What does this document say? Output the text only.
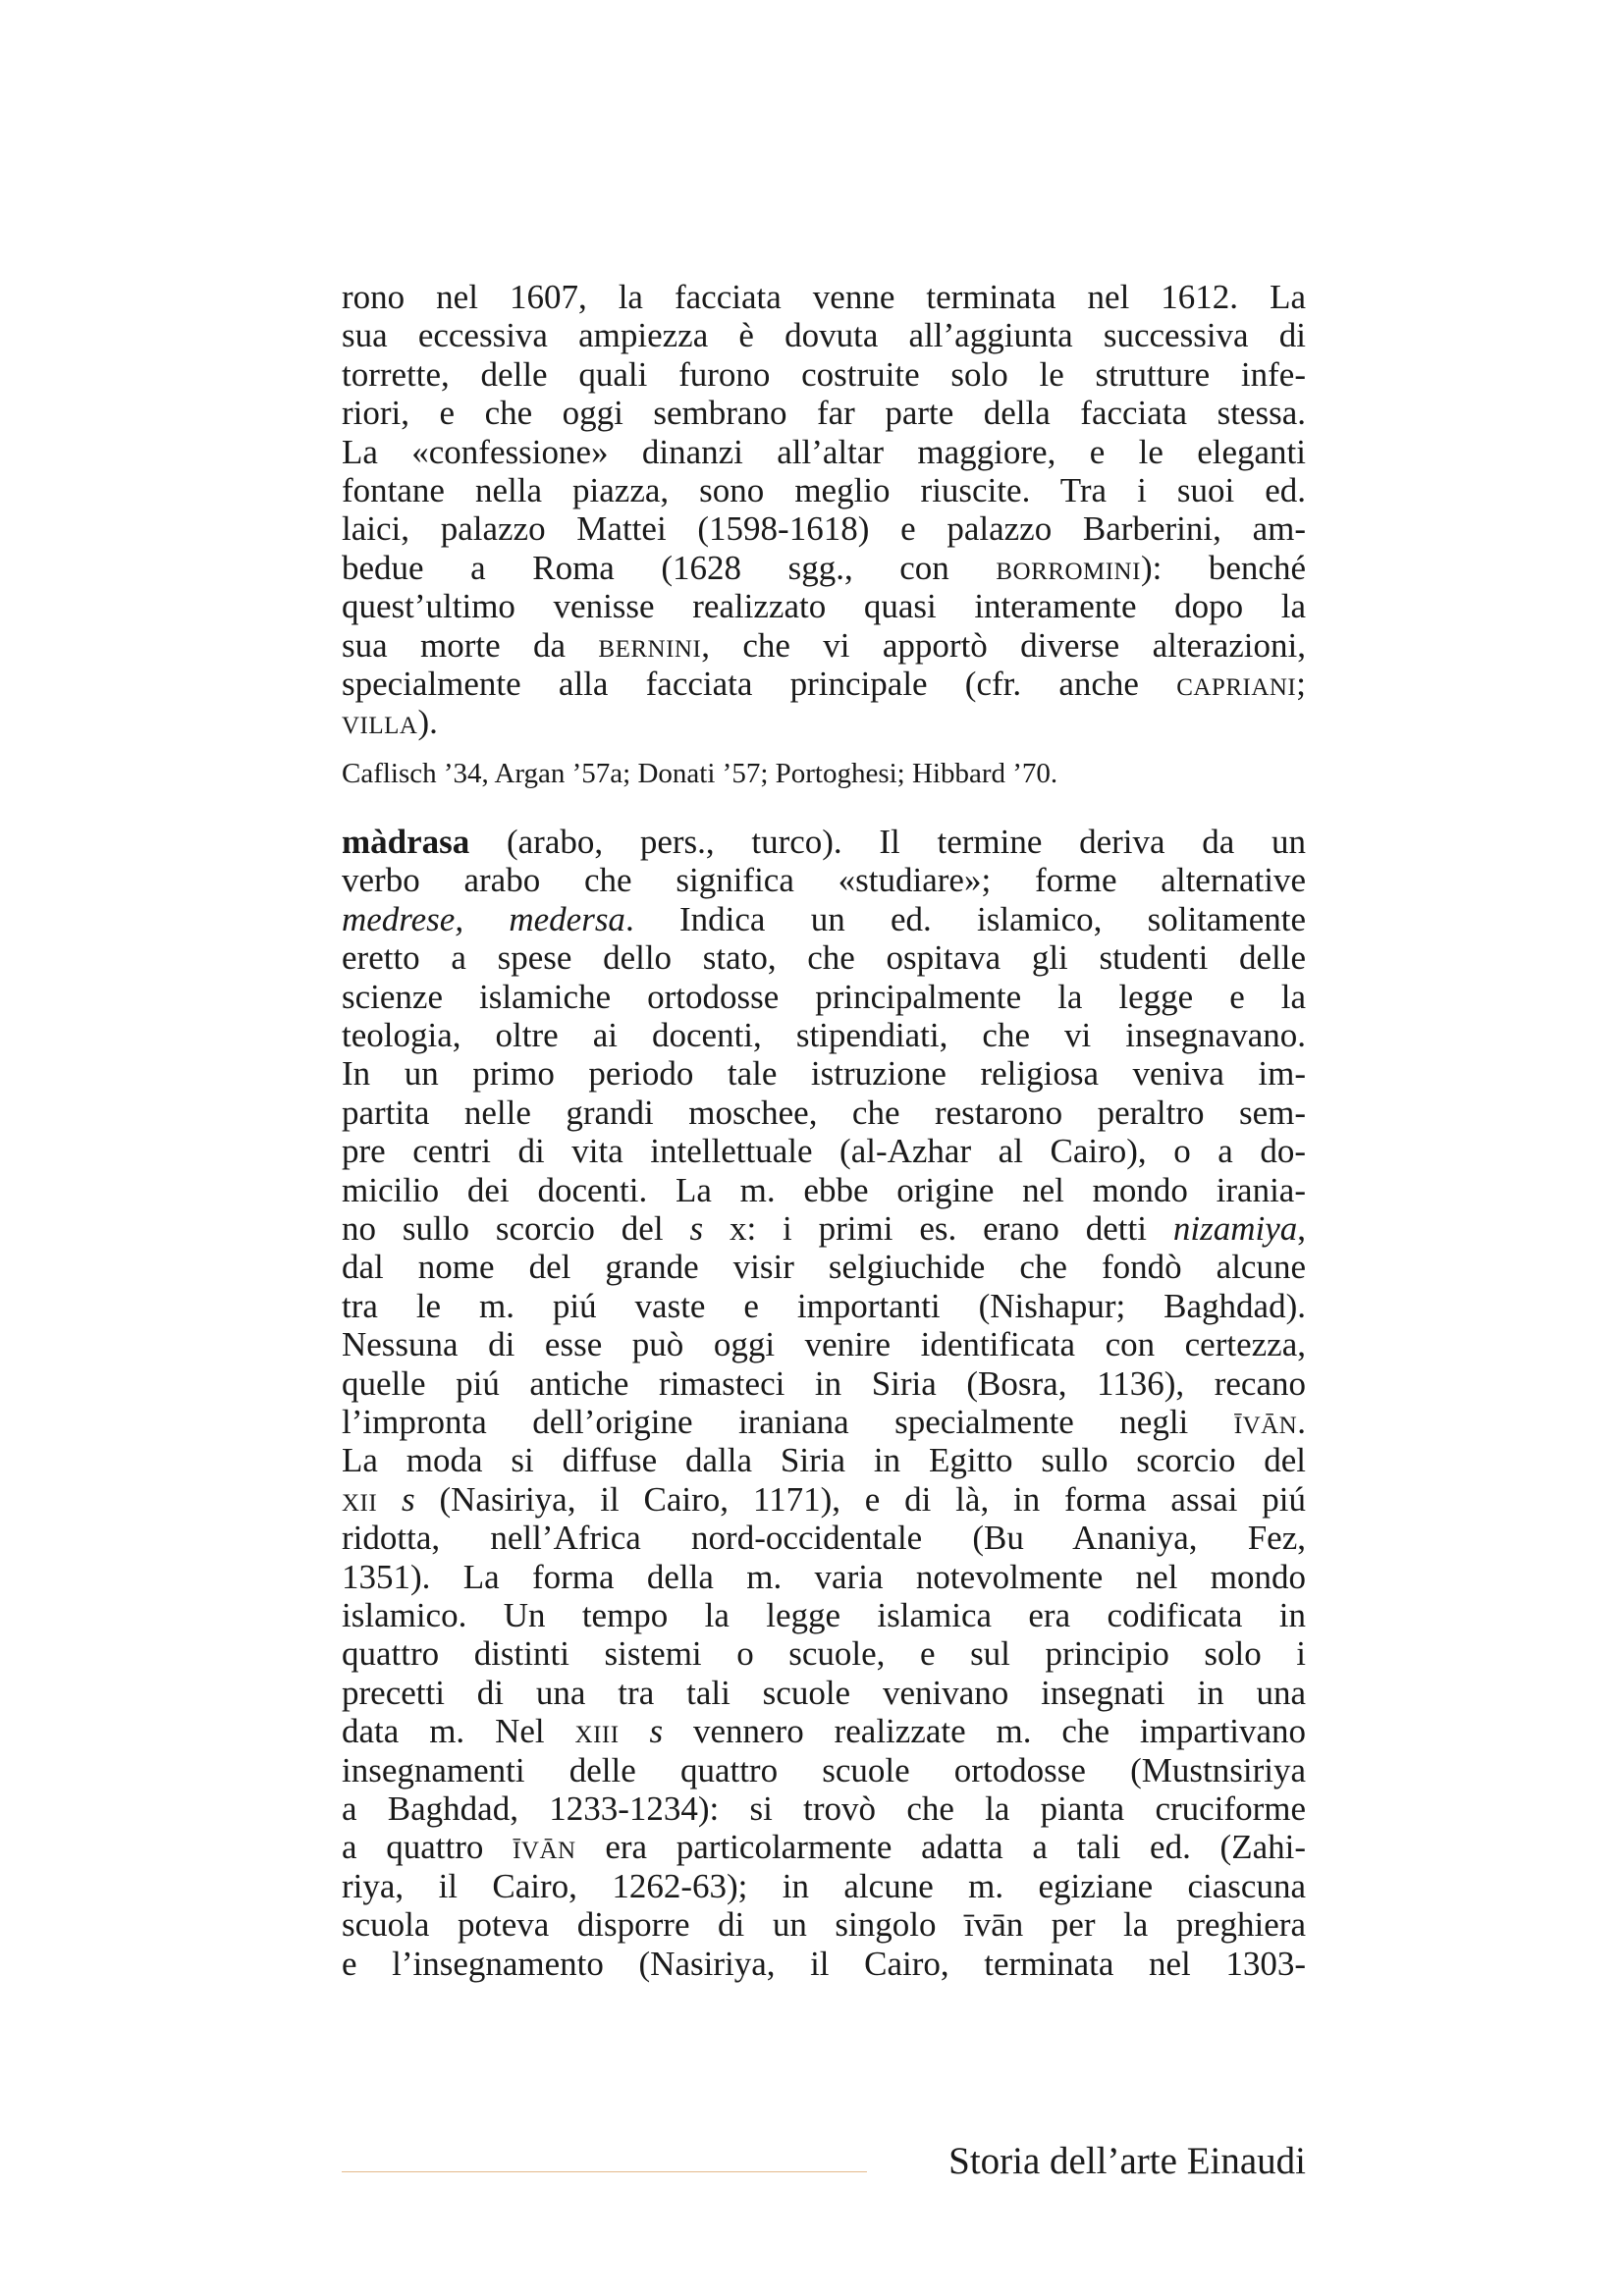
rono nel 1607, la facciata venne terminata nel 1612. La
sua eccessiva ampiezza è dovuta all’aggiunta successiva di
torrette, delle quali furono costruite solo le strutture infe-
riori, e che oggi sembrano far parte della facciata stessa.
La «confessione» dinanzi all’altar maggiore, e le eleganti
fontane nella piazza, sono meglio riuscite. Tra i suoi ed.
laici, palazzo Mattei (1598-1618) e palazzo Barberini, am-
bedue a Roma (1628 sgg., con borromini): benché
quest’ultimo venisse realizzato quasi interamente dopo la
sua morte da bernini, che vi apportò diverse alterazioni,
specialmente alla facciata principale (cfr. anche capriani;
villa).

Caflisch ’34, Argan ’57a; Donati ’57; Portoghesi; Hibbard ’70.

màdrasa (arabo, pers., turco). Il termine deriva da un
verbo arabo che significa «studiare»; forme alternative
medrese, medersa. Indica un ed. islamico, solitamente
eretto a spese dello stato, che ospitava gli studenti delle
scienze islamiche ortodosse principalmente la legge e la
teologia, oltre ai docenti, stipendiati, che vi insegnavano.
In un primo periodo tale istruzione religiosa veniva im-
partita nelle grandi moschee, che restarono peraltro sem-
pre centri di vita intellettuale (al-Azhar al Cairo), o a do-
micilio dei docenti. La m. ebbe origine nel mondo irania-
no sullo scorcio del s x: i primi es. erano detti nizamiya,
dal nome del grande visir selgiuchide che fondò alcune
tra le m. piú vaste e importanti (Nishapur; Baghdad).
Nessuna di esse può oggi venire identificata con certezza,
quelle piú antiche rimasteci in Siria (Bosra, 1136), recano
l’impronta dell’origine iraniana specialmente negli īvān.
La moda si diffuse dalla Siria in Egitto sullo scorcio del
xii s (Nasiriya, il Cairo, 1171), e di là, in forma assai piú
ridotta, nell’Africa nord-occidentale (Bu Ananiya, Fez,
1351). La forma della m. varia notevolmente nel mondo
islamico. Un tempo la legge islamica era codificata in
quattro distinti sistemi o scuole, e sul principio solo i
precetti di una tra tali scuole venivano insegnati in una
data m. Nel xiii s vennero realizzate m. che impartivano
insegnamenti delle quattro scuole ortodosse (Mustnsiriya
a Baghdad, 1233-1234): si trovò che la pianta cruciforme
a quattro īvān era particolarmente adatta a tali ed. (Zahi-
riya, il Cairo, 1262-63); in alcune m. egiziane ciascuna
scuola poteva disporre di un singolo īvān per la preghiera
e l’insegnamento (Nasiriya, il Cairo, terminata nel 1303-
Storia dell’arte Einaudi
